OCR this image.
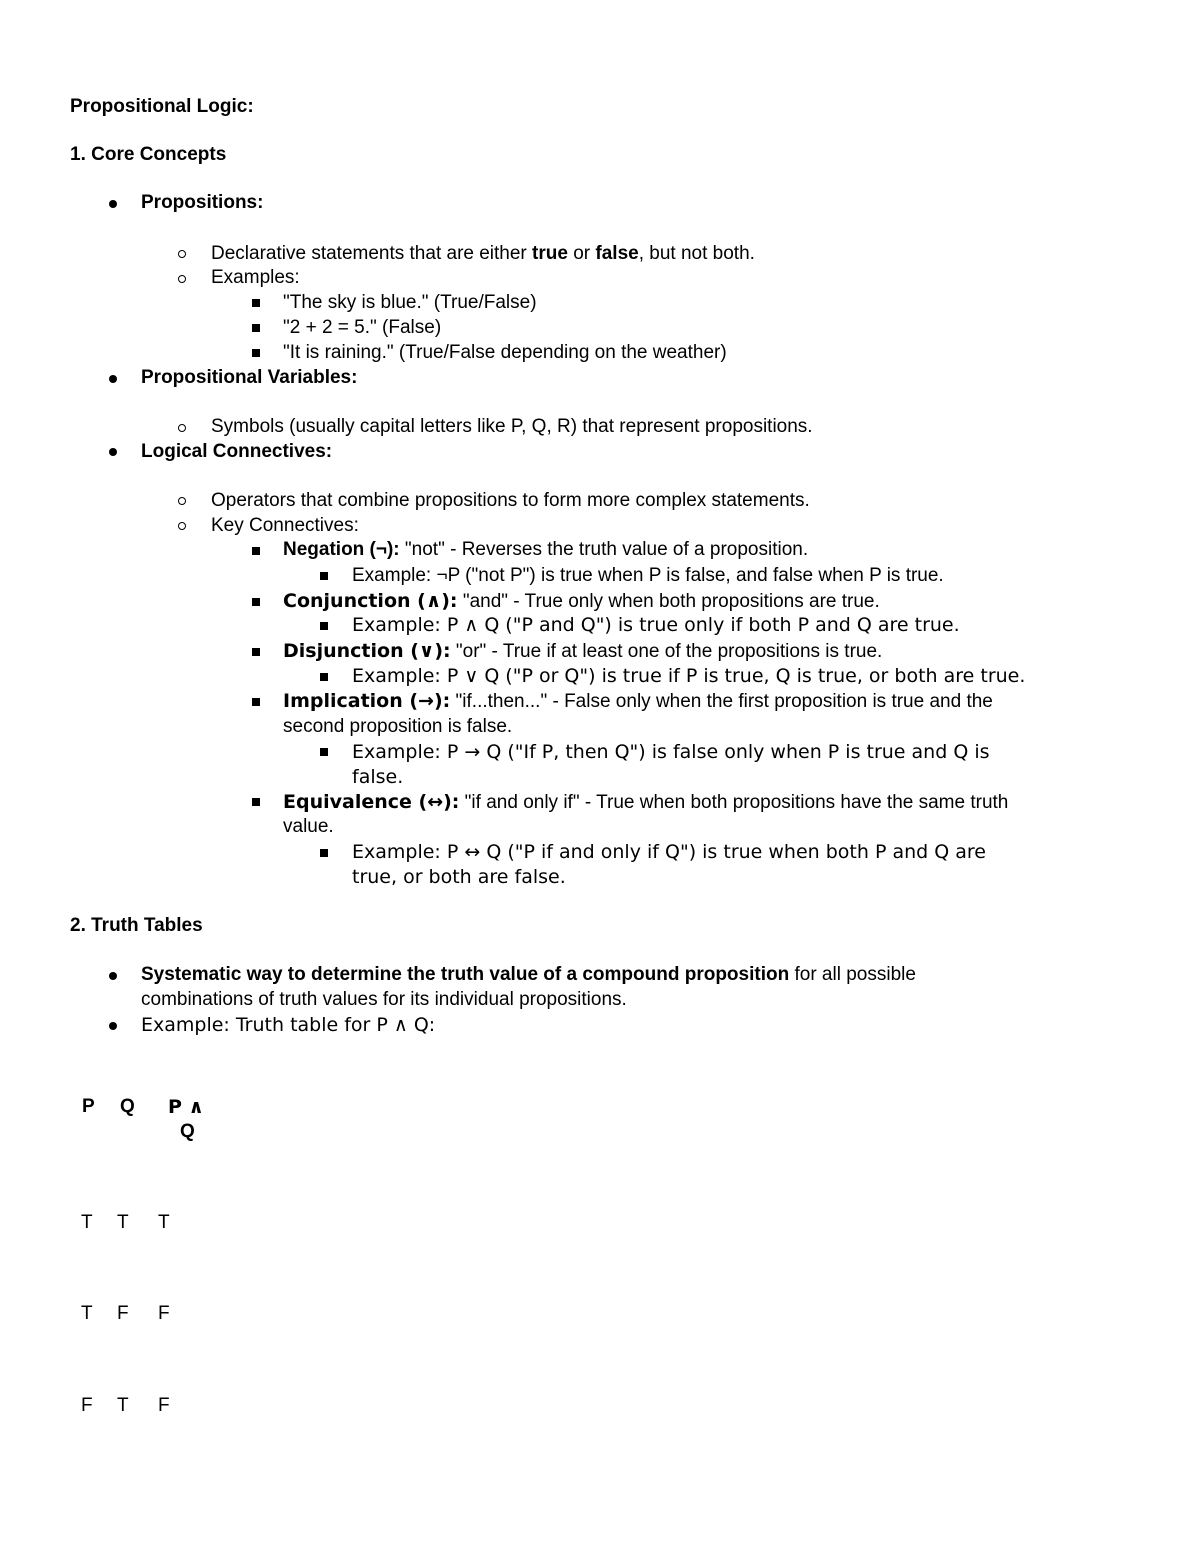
Propositional Logic:
1. Core Concepts
Propositions:
Declarative statements that are either true or false, but not both.
Examples:
"The sky is blue." (True/False)
"2 + 2 = 5." (False)
"It is raining." (True/False depending on the weather)
Propositional Variables:
Symbols (usually capital letters like P, Q, R) that represent propositions.
Logical Connectives:
Operators that combine propositions to form more complex statements.
Key Connectives:
Negation (¬): "not" - Reverses the truth value of a proposition.
Example: ¬P ("not P") is true when P is false, and false when P is true.
Conjunction (∧): "and" - True only when both propositions are true.
Example: P ∧ Q ("P and Q") is true only if both P and Q are true.
Disjunction (∨): "or" - True if at least one of the propositions is true.
Example: P ∨ Q ("P or Q") is true if P is true, Q is true, or both are true.
Implication (→): "if...then..." - False only when the first proposition is true and the
second proposition is false.
Example: P → Q ("If P, then Q") is false only when P is true and Q is
false.
Equivalence (↔): "if and only if" - True when both propositions have the same truth
value.
Example: P ↔ Q ("P if and only if Q") is true when both P and Q are
true, or both are false.
2. Truth Tables
Systematic way to determine the truth value of a compound proposition for all possible
combinations of truth values for its individual propositions.
Example: Truth table for P ∧ Q:
P Q P ∧
Q
T T T
T F F
F T F
